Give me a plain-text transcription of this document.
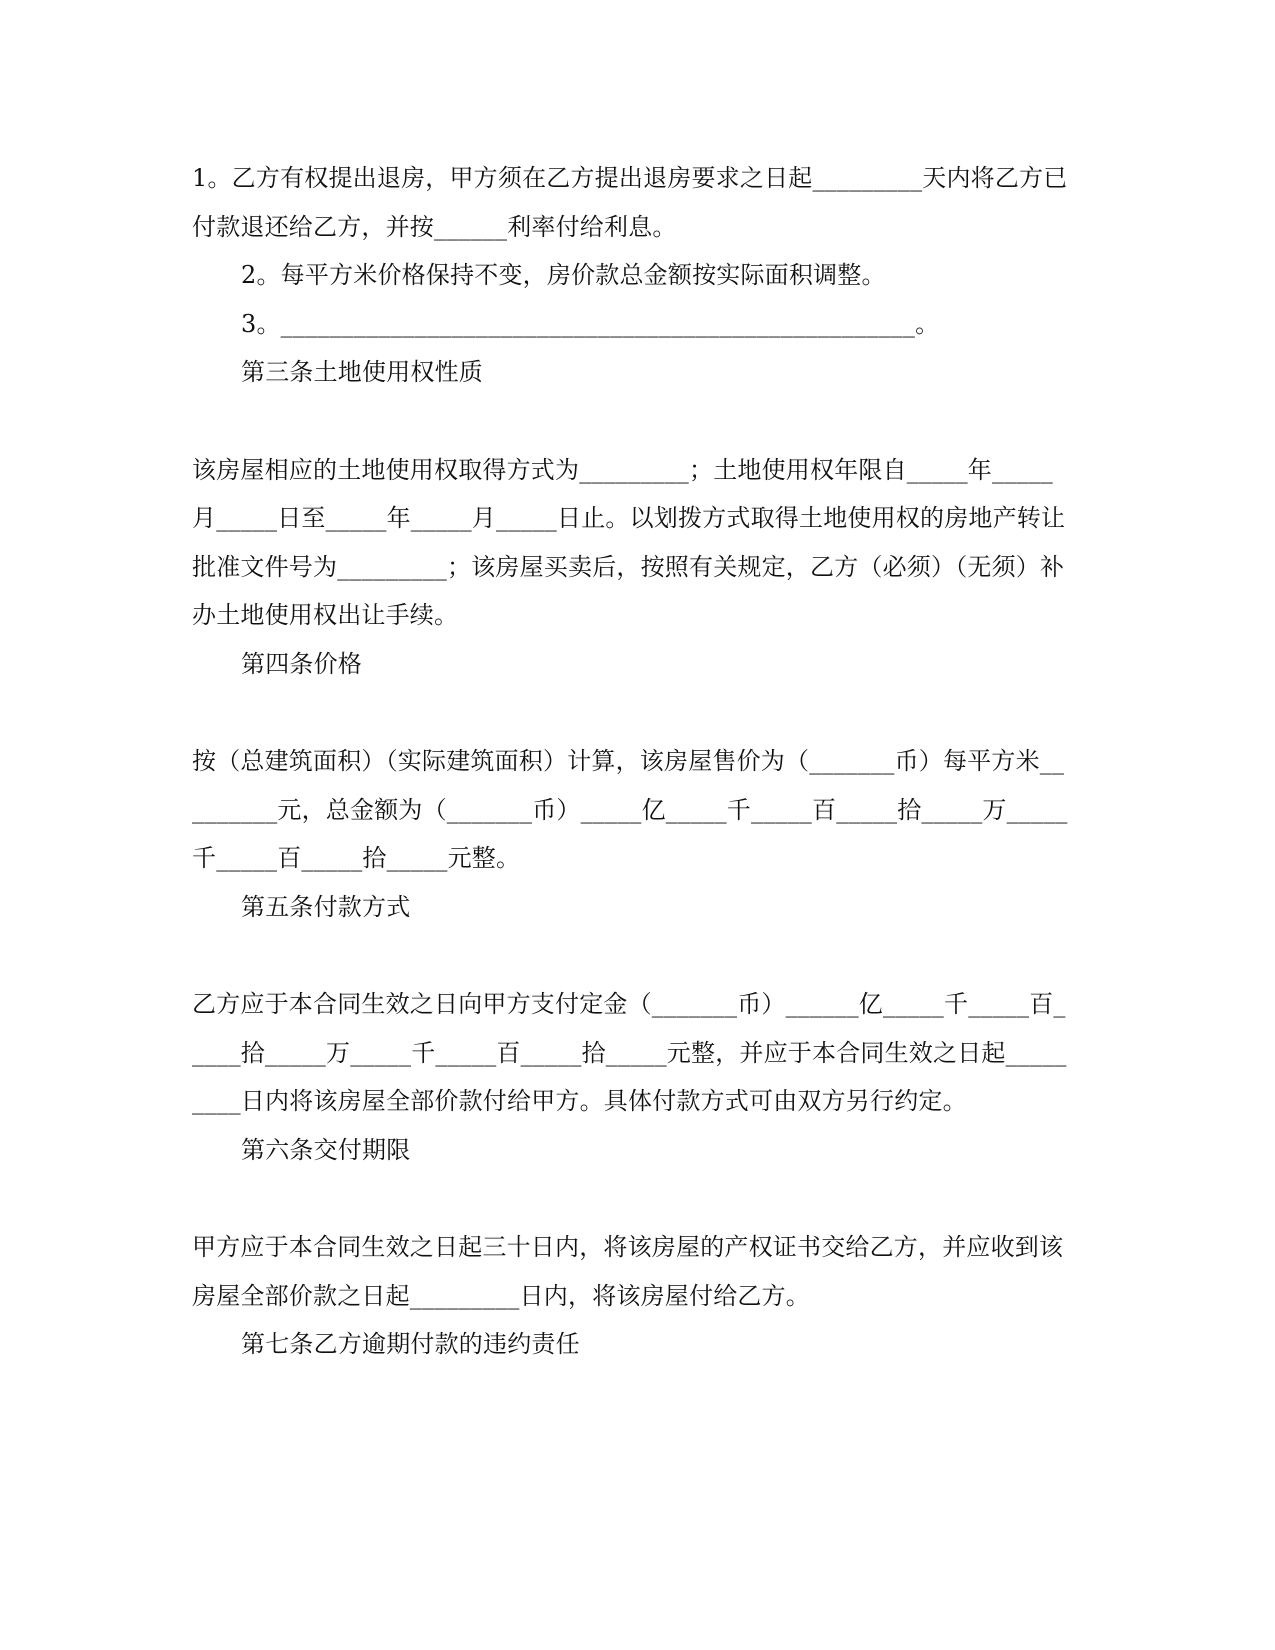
1。乙方有权提出退房，甲方须在乙方提出退房要求之日起_________天内将乙方已付款退还给乙方，并按______利率付给利息。

2。每平方米价格保持不变，房价款总金额按实际面积调整。

3。____________________________________________________。

第三条土地使用权性质

该房屋相应的土地使用权取得方式为_________；土地使用权年限自_____年_____月_____日至_____年_____月_____日止。以划拨方式取得土地使用权的房地产转让批准文件号为_________；该房屋买卖后，按照有关规定，乙方（必须）（无须）补办土地使用权出让手续。

第四条价格

按（总建筑面积）（实际建筑面积）计算，该房屋售价为（_______币）每平方米_________元，总金额为（_______币）_____亿_____千_____百_____拾_____万_____千_____百_____拾_____元整。

第五条付款方式

乙方应于本合同生效之日向甲方支付定金（_______币）______亿_____千_____百_____拾_____万_____千_____百_____拾_____元整，并应于本合同生效之日起_________日内将该房屋全部价款付给甲方。具体付款方式可由双方另行约定。

第六条交付期限

甲方应于本合同生效之日起三十日内，将该房屋的产权证书交给乙方，并应收到该房屋全部价款之日起_________日内，将该房屋付给乙方。

第七条乙方逾期付款的违约责任
